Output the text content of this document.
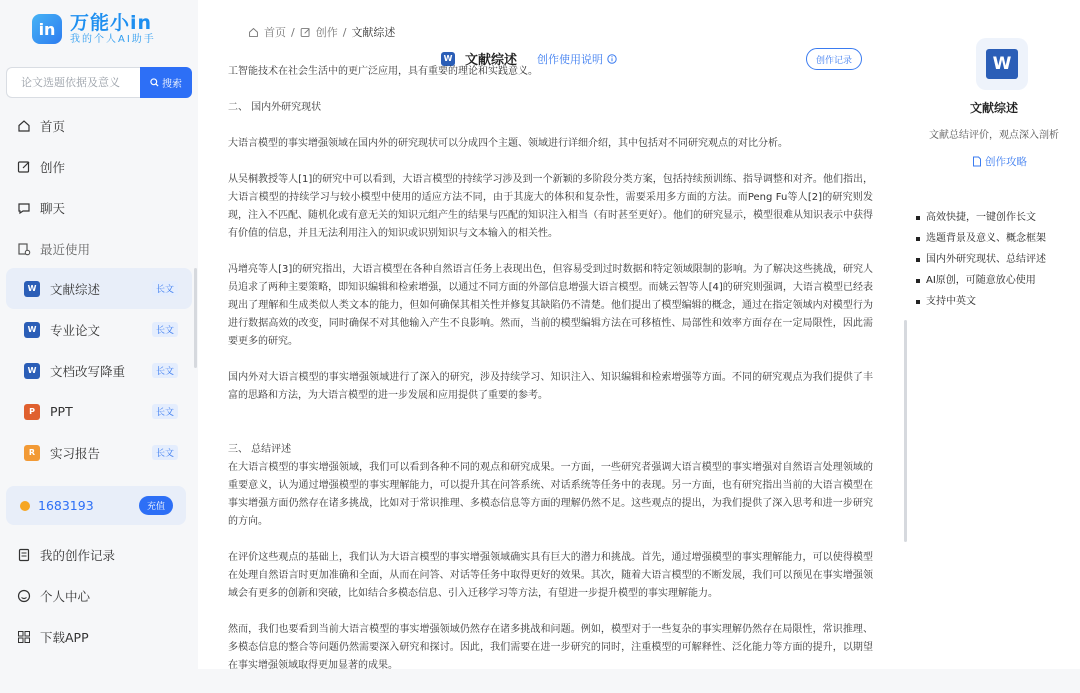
in 万能小in
我的个人AI助手
论文选题依据及意义
搜索
首页
创作
聊天
最近使用
W 文献综述	长文
W 专业论文	长文
W 文档改写降重	长文
P	PPT	长文
R	实习报告	长文
1683193	充值
我的创作记录
个人中心
下载APP
首页 / 创作 / 文献综述
W 文献综述 创作使用说明	创作记录

工智能技术在社会生活中的更广泛应用，具有重要的理论和实践意义。

二、 国内外研究现状

大语言模型的事实增强领域在国内外的研究现状可以分成四个主题、领域进行详细介绍，其中包括对不同研究观点的对比分析。

从吴桐教授等人[1]的研究中可以看到，大语言模型的持续学习涉及到一个新颖的多阶段分类方案，包括持续预训练、指导调整和对齐。他们指出，大语言模型的持续学习与较小模型中使用的适应方法不同，由于其庞大的体积和复杂性，需要采用多方面的方法。而Peng Fu等人[2]的研究则发现，注入不匹配、随机化或有意无关的知识元组产生的结果与匹配的知识注入相当（有时甚至更好）。他们的研究显示，模型很难从知识表示中获得有价值的信息，并且无法利用注入的知识或识别知识与文本输入的相关性。

冯增亮等人[3]的研究指出，大语言模型在各种自然语言任务上表现出色，但容易受到过时数据和特定领域限制的影响。为了解决这些挑战，研究人员追求了两种主要策略，即知识编辑和检索增强，以通过不同方面的外部信息增强大语言模型。而姚云智等人[4]的研究则强调，大语言模型已经表现出了理解和生成类似人类文本的能力，但如何确保其相关性并修复其缺陷仍不清楚。他们提出了模型编辑的概念，通过在指定领域内对模型行为进行数据高效的改变，同时确保不对其他输入产生不良影响。然而，当前的模型编辑方法在可移植性、局部性和效率方面存在一定局限性，因此需要更多的研究。

国内外对大语言模型的事实增强领域进行了深入的研究，涉及持续学习、知识注入、知识编辑和检索增强等方面。不同的研究观点为我们提供了丰富的思路和方法，为大语言模型的进一步发展和应用提供了重要的参考。

三、 总结评述

在大语言模型的事实增强领域，我们可以看到各种不同的观点和研究成果。一方面，一些研究者强调大语言模型的事实增强对自然语言处理领域的重要意义，认为通过增强模型的事实理解能力，可以提升其在问答系统、对话系统等任务中的表现。另一方面，也有研究指出当前的大语言模型在事实增强方面仍然存在诸多挑战，比如对于常识推理、多模态信息等方面的理解仍然不足。这些观点的提出，为我们提供了深入思考和进一步研究的方向。

在评价这些观点的基础上，我们认为大语言模型的事实增强领域确实具有巨大的潜力和挑战。首先，通过增强模型的事实理解能力，可以使得模型在处理自然语言时更加准确和全面，从而在问答、对话等任务中取得更好的效果。其次，随着大语言模型的不断发展，我们可以预见在事实增强领域会有更多的创新和突破，比如结合多模态信息、引入迁移学习等方法，有望进一步提升模型的事实理解能力。

然而，我们也要看到当前大语言模型的事实增强领域仍然存在诸多挑战和问题。例如，模型对于一些复杂的事实理解仍然存在局限性，常识推理、多模态信息的整合等问题仍然需要深入研究和探讨。因此，我们需要在进一步研究的同时，注重模型的可解释性、泛化能力等方面的提升，以期望在事实增强领域取得更加显著的成果。

W
文献综述
文献总结评价，观点深入剖析
创作攻略
高效快捷，一键创作长文
选题背景及意义、概念框架
国内外研究现状、总结评述
AI原创，可随意放心使用
支持中英文
